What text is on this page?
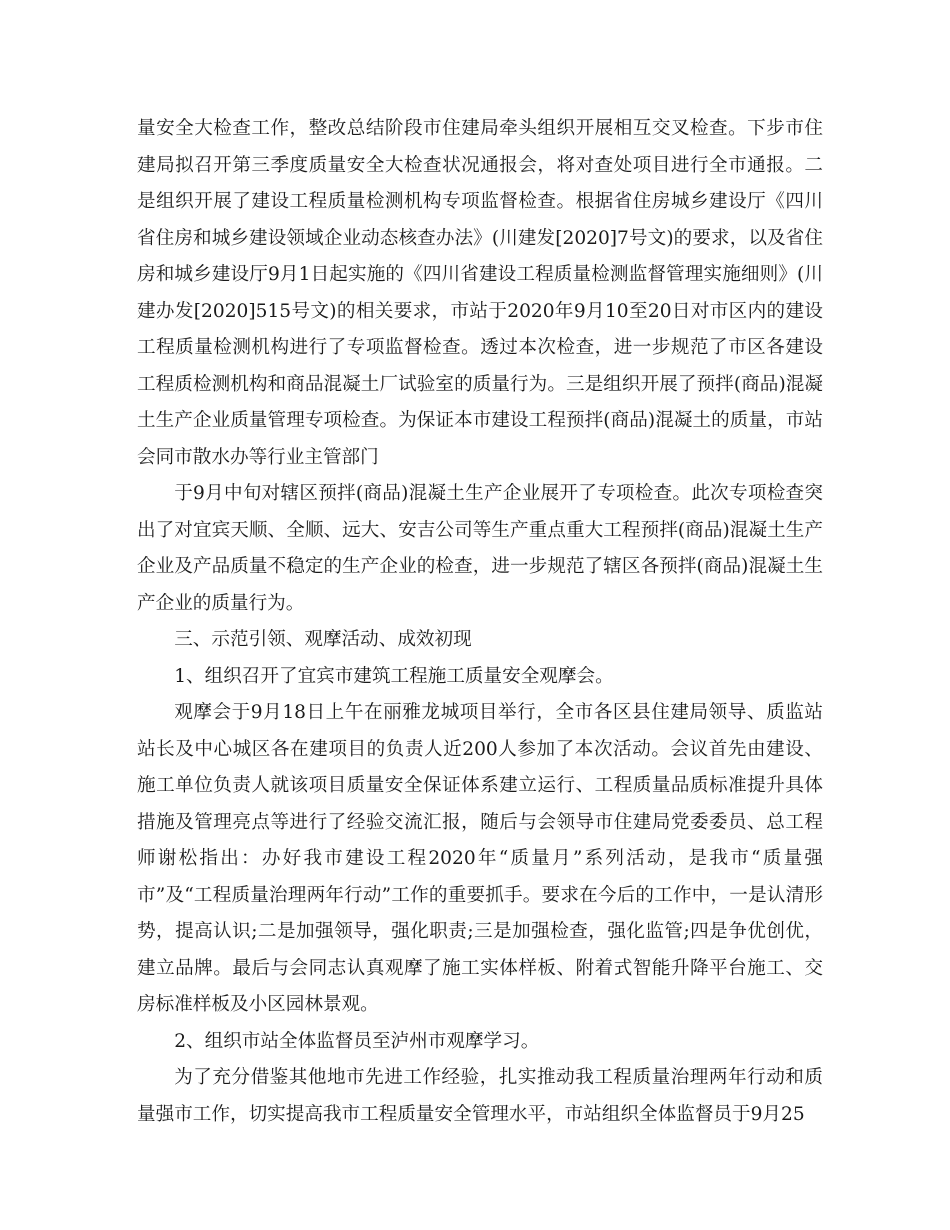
量安全大检查工作，整改总结阶段市住建局牵头组织开展相互交叉检查。下步市住建局拟召开第三季度质量安全大检查状况通报会，将对查处项目进行全市通报。二是组织开展了建设工程质量检测机构专项监督检查。根据省住房城乡建设厅《四川省住房和城乡建设领域企业动态核查办法》(川建发[2020]7号文)的要求，以及省住房和城乡建设厅9月1日起实施的《四川省建设工程质量检测监督管理实施细则》(川建办发[2020]515号文)的相关要求，市站于2020年9月10至20日对市区内的建设工程质量检测机构进行了专项监督检查。透过本次检查，进一步规范了市区各建设工程质检测机构和商品混凝土厂试验室的质量行为。三是组织开展了预拌(商品)混凝土生产企业质量管理专项检查。为保证本市建设工程预拌(商品)混凝土的质量，市站会同市散水办等行业主管部门

于9月中旬对辖区预拌(商品)混凝土生产企业展开了专项检查。此次专项检查突出了对宜宾天顺、全顺、远大、安吉公司等生产重点重大工程预拌(商品)混凝土生产企业及产品质量不稳定的生产企业的检查，进一步规范了辖区各预拌(商品)混凝土生产企业的质量行为。

三、示范引领、观摩活动、成效初现

1、组织召开了宜宾市建筑工程施工质量安全观摩会。

观摩会于9月18日上午在丽雅龙城项目举行，全市各区县住建局领导、质监站站长及中心城区各在建项目的负责人近200人参加了本次活动。会议首先由建设、施工单位负责人就该项目质量安全保证体系建立运行、工程质量品质标准提升具体措施及管理亮点等进行了经验交流汇报，随后与会领导市住建局党委委员、总工程师谢松指出：办好我市建设工程2020年“质量月”系列活动，是我市“质量强市”及“工程质量治理两年行动”工作的重要抓手。要求在今后的工作中，一是认清形势，提高认识;二是加强领导，强化职责;三是加强检查，强化监管;四是争优创优，建立品牌。最后与会同志认真观摩了施工实体样板、附着式智能升降平台施工、交房标准样板及小区园林景观。

2、组织市站全体监督员至泸州市观摩学习。

为了充分借鉴其他地市先进工作经验，扎实推动我工程质量治理两年行动和质量强市工作，切实提高我市工程质量安全管理水平，市站组织全体监督员于9月25
